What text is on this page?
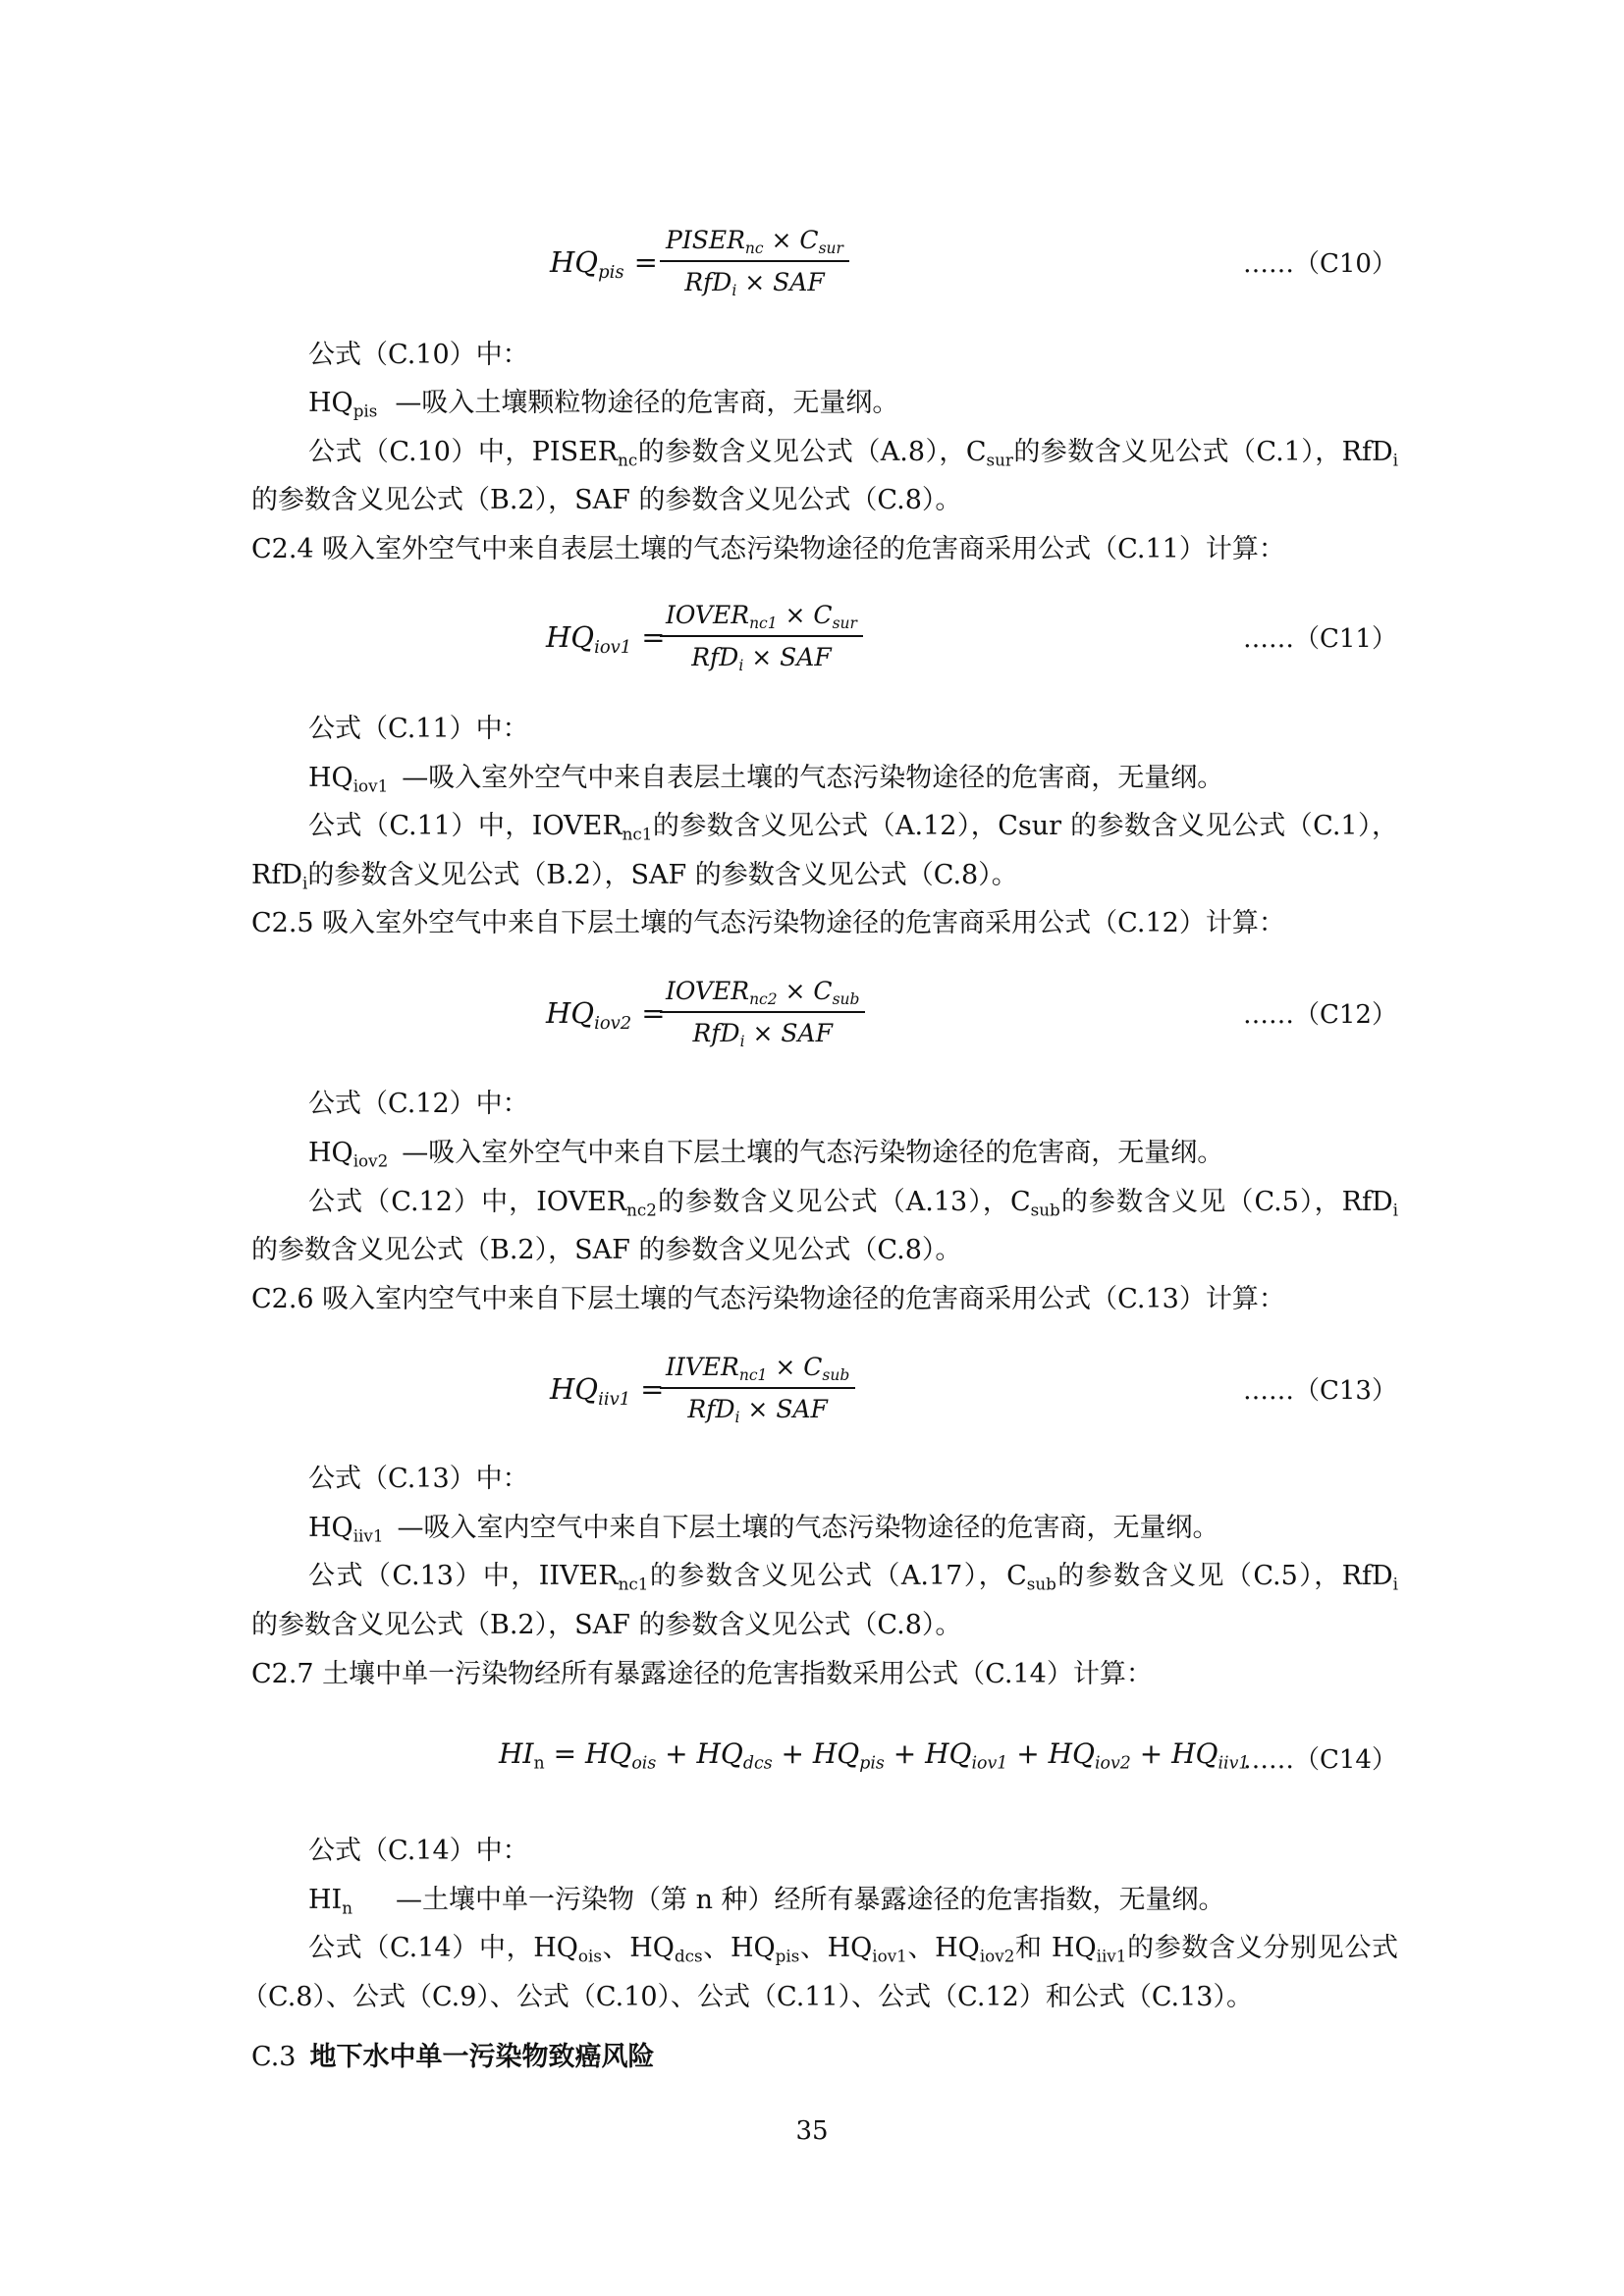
$HQ_{pis}$ =
$PISER_{nc} \times C_{sur}$
RfD$_i$ × SAF
……（C10）
公式（C.10）中：
$HQ_{pis}$ —吸入土壤颗粒物途径的危害商，无量纲。
公式（C.10）中，$PISER_{nc}$的参数含义见公式（A.8），$C_{sur}$的参数含义见公式（C.1），RfD$_i$
的参数含义见公式（B.2），SAF 的参数含义见公式（C.8）。
C2.4 吸入室外空气中来自表层土壤的气态污染物途径的危害商采用公式（C.11）计算：
$HQ_{iov1}$ =
$IOVER_{nc1} \times C_{sur}$
RfD$_i$ × SAF
……（C11）
公式（C.11）中：
$HQ_{iov1}$ —吸入室外空气中来自表层土壤的气态污染物途径的危害商，无量纲。
公式（C.11）中，$IOVER_{nc1}$的参数含义见公式（A.12），Csur 的参数含义见公式（C.1），
RfD$_i$的参数含义见公式（B.2），SAF 的参数含义见公式（C.8）。
C2.5 吸入室外空气中来自下层土壤的气态污染物途径的危害商采用公式（C.12）计算：
$HQ_{iov2}$ =
$IOVER_{nc2} \times C_{sub}$
RfD$_i$ × SAF
……（C12）
公式（C.12）中：
$HQ_{iov2}$ —吸入室外空气中来自下层土壤的气态污染物途径的危害商，无量纲。
公式（C.12）中，$IOVER_{nc2}$的参数含义见公式（A.13），$C_{sub}$的参数含义见（C.5），RfD$_i$
的参数含义见公式（B.2），SAF 的参数含义见公式（C.8）。
C2.6 吸入室内空气中来自下层土壤的气态污染物途径的危害商采用公式（C.13）计算：
$HQ_{iiv1}$ =
$IIVER_{nc1} \times C_{sub}$
RfD$_i$ × SAF
……（C13）
公式（C.13）中：
$HQ_{iiv1}$ —吸入室内空气中来自下层土壤的气态污染物途径的危害商，无量纲。
公式（C.13）中，$IIVER_{nc1}$的参数含义见公式（A.17），$C_{sub}$的参数含义见（C.5），RfD$_i$
的参数含义见公式（B.2），SAF 的参数含义见公式（C.8）。
C2.7 土壤中单一污染物经所有暴露途径的危害指数采用公式（C.14）计算：
$HI_n = HQ_{ois} + HQ_{dcs} + HQ_{pis} + HQ_{iov1} + HQ_{iov2} + HQ_{iiv1}$
……（C14）
公式（C.14）中：
$HI_n$ —土壤中单一污染物（第 n 种）经所有暴露途径的危害指数，无量纲。
公式（C.14）中，$HQ_{ois}$、$HQ_{dcs}$、$HQ_{pis}$、$HQ_{iov1}$、$HQ_{iov2}$和 $HQ_{iiv1}$的参数含义分别见公式
（C.8）、公式（C.9）、公式（C.10）、公式（C.11）、公式（C.12）和公式（C.13）。
C.3 地下水中单一污染物致癌风险
35
